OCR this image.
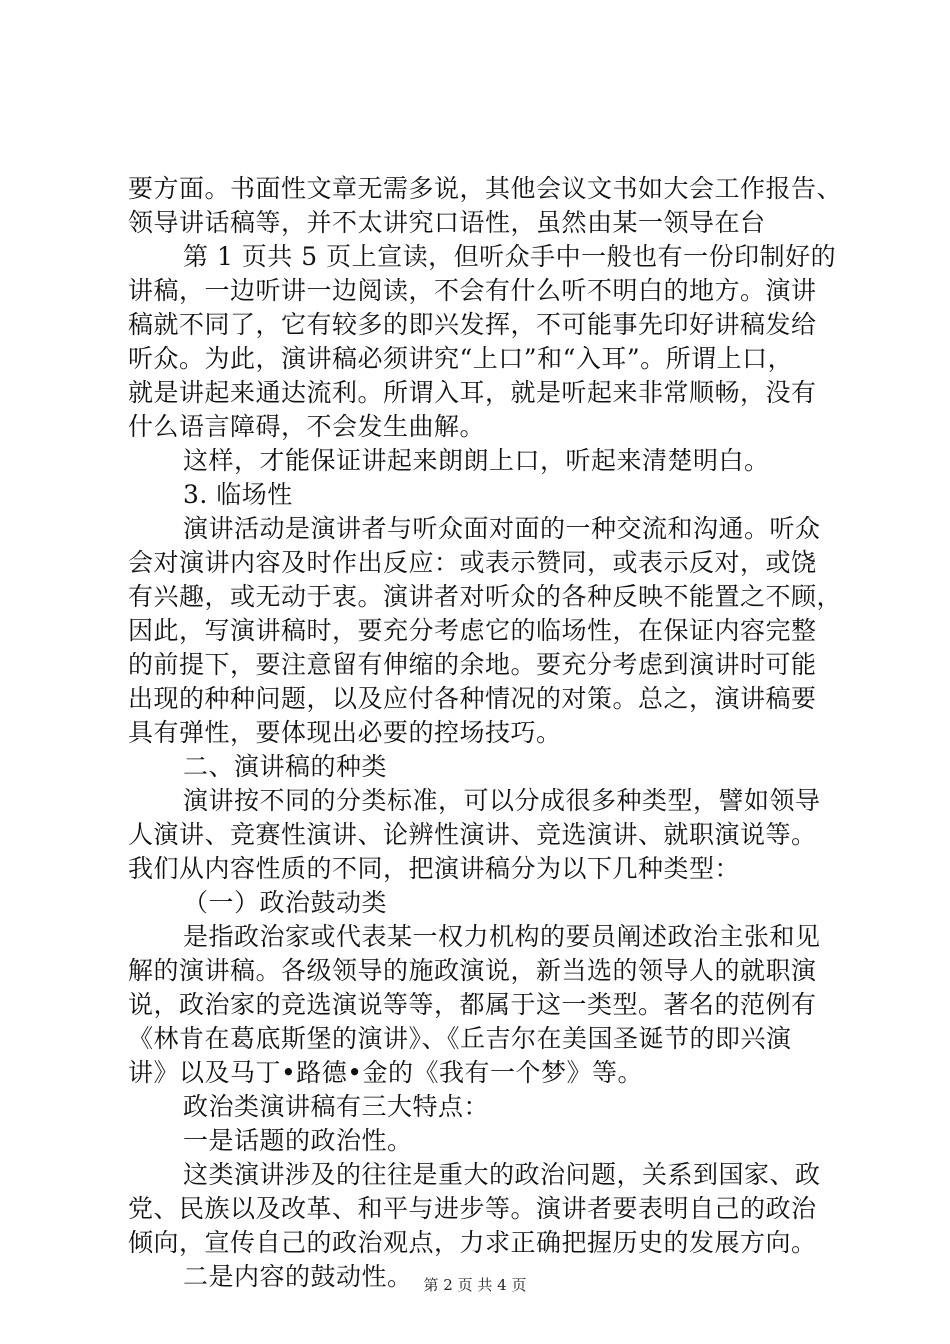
要方面。书面性文章无需多说，其他会议文书如大会工作报告、
领导讲话稿等，并不太讲究口语性，虽然由某一领导在台
第 1 页共 5 页上宣读，但听众手中一般也有一份印制好的
讲稿，一边听讲一边阅读，不会有什么听不明白的地方。演讲
稿就不同了，它有较多的即兴发挥，不可能事先印好讲稿发给
听众。为此，演讲稿必须讲究“上口”和“入耳”。所谓上口，
就是讲起来通达流利。所谓入耳，就是听起来非常顺畅，没有
什么语言障碍，不会发生曲解。
这样，才能保证讲起来朗朗上口，听起来清楚明白。
3. 临场性
演讲活动是演讲者与听众面对面的一种交流和沟通。听众
会对演讲内容及时作出反应：或表示赞同，或表示反对，或饶
有兴趣，或无动于衷。演讲者对听众的各种反映不能置之不顾，
因此，写演讲稿时，要充分考虑它的临场性，在保证内容完整
的前提下，要注意留有伸缩的余地。要充分考虑到演讲时可能
出现的种种问题，以及应付各种情况的对策。总之，演讲稿要
具有弹性，要体现出必要的控场技巧。
二、演讲稿的种类
演讲按不同的分类标准，可以分成很多种类型，譬如领导
人演讲、竞赛性演讲、论辨性演讲、竞选演讲、就职演说等。
我们从内容性质的不同，把演讲稿分为以下几种类型：
（一）政治鼓动类
是指政治家或代表某一权力机构的要员阐述政治主张和见
解的演讲稿。各级领导的施政演说，新当选的领导人的就职演
说，政治家的竞选演说等等，都属于这一类型。著名的范例有
《林肯在葛底斯堡的演讲》、《丘吉尔在美国圣诞节的即兴演
讲》以及马丁•路德•金的《我有一个梦》等。
政治类演讲稿有三大特点：
一是话题的政治性。
这类演讲涉及的往往是重大的政治问题，关系到国家、政
党、民族以及改革、和平与进步等。演讲者要表明自己的政治
倾向，宣传自己的政治观点，力求正确把握历史的发展方向。
二是内容的鼓动性。 第 2 页 共 4 页
